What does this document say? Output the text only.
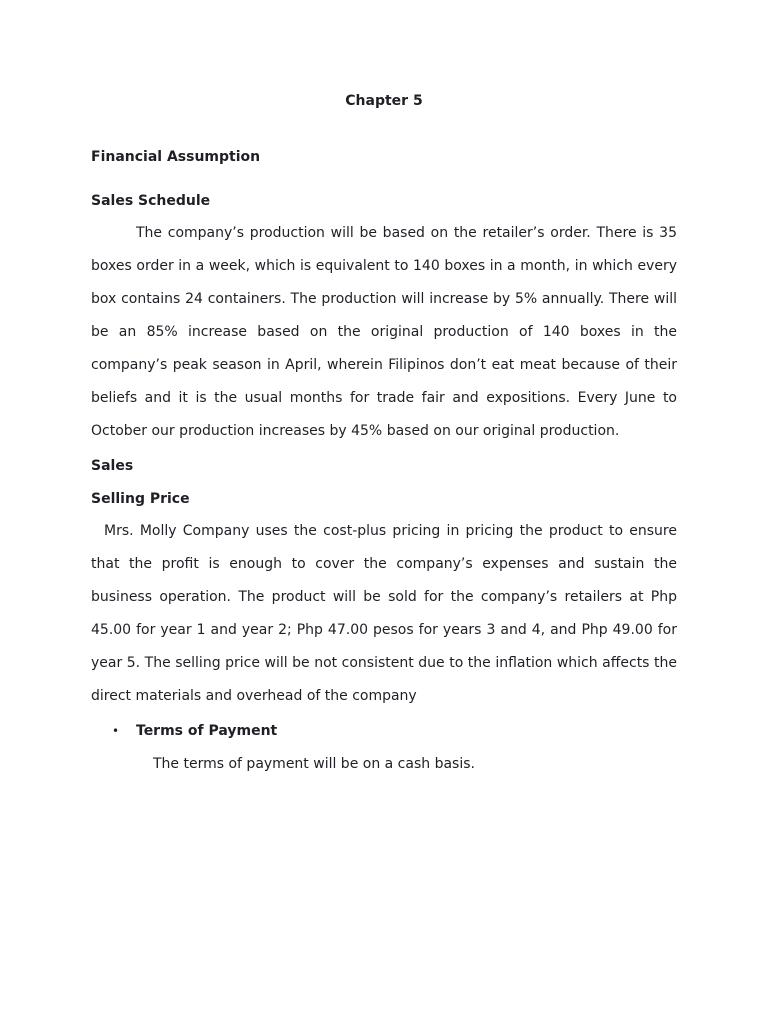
Chapter 5
Financial Assumption
Sales Schedule

The company’s production will be based on the retailer’s order. There is 35 boxes order in a week, which is equivalent to 140 boxes in a month, in which every box contains 24 containers. The production will increase by 5% annually. There will be an 85% increase based on the original production of 140 boxes in the company’s peak season in April, wherein Filipinos don’t eat meat because of their beliefs and it is the usual months for trade fair and expositions. Every June to October our production increases by 45% based on our original production.

Sales
Selling Price

Mrs. Molly Company uses the cost-plus pricing in pricing the product to ensure that the profit is enough to cover the company’s expenses and sustain the business operation. The product will be sold for the company’s retailers at Php 45.00 for year 1 and year 2; Php 47.00 pesos for years 3 and 4, and Php 49.00 for year 5. The selling price will be not consistent due to the inflation which affects the direct materials and overhead of the company

• Terms of Payment
The terms of payment will be on a cash basis.
